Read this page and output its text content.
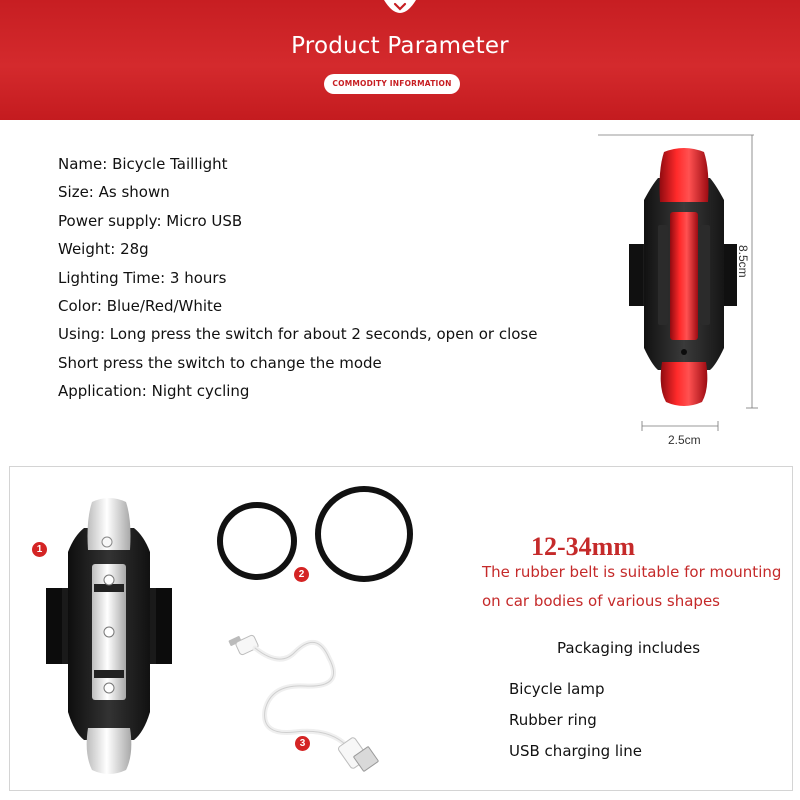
Product Parameter
COMMODITY INFORMATION
Name: Bicycle Taillight
Size: As shown
Power supply: Micro USB
Weight: 28g
Lighting Time: 3 hours
Color: Blue/Red/White
Using: Long press the switch for about 2 seconds, open or close
Short press the switch to change the mode
Application: Night cycling
2.5cm
8.5cm
1
2
3
12-34mm
The rubber belt is suitable for mounting
on car bodies of various shapes
Packaging includes
Bicycle lamp
Rubber ring
USB charging line
